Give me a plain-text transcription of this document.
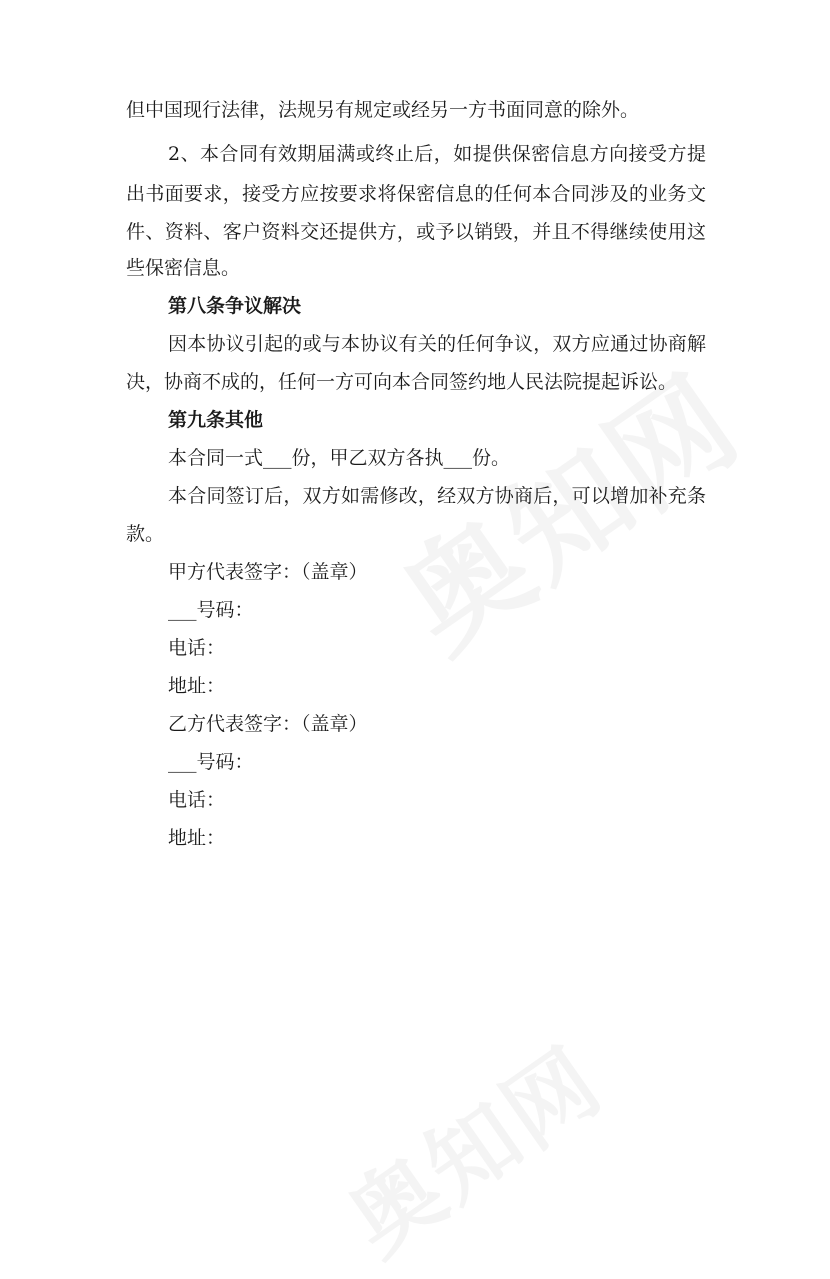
但中国现行法律，法规另有规定或经另一方书面同意的除外。
2、本合同有效期届满或终止后，如提供保密信息方向接受方提
出书面要求，接受方应按要求将保密信息的任何本合同涉及的业务文
件、资料、客户资料交还提供方，或予以销毁，并且不得继续使用这
些保密信息。
第八条争议解决
因本协议引起的或与本协议有关的任何争议，双方应通过协商解
决，协商不成的，任何一方可向本合同签约地人民法院提起诉讼。
第九条其他
本合同一式___份，甲乙双方各执___份。
本合同签订后，双方如需修改，经双方协商后，可以增加补充条
款。
甲方代表签字：（盖章）
___号码：
电话：
地址：
乙方代表签字：（盖章）
___号码：
电话：
地址：
